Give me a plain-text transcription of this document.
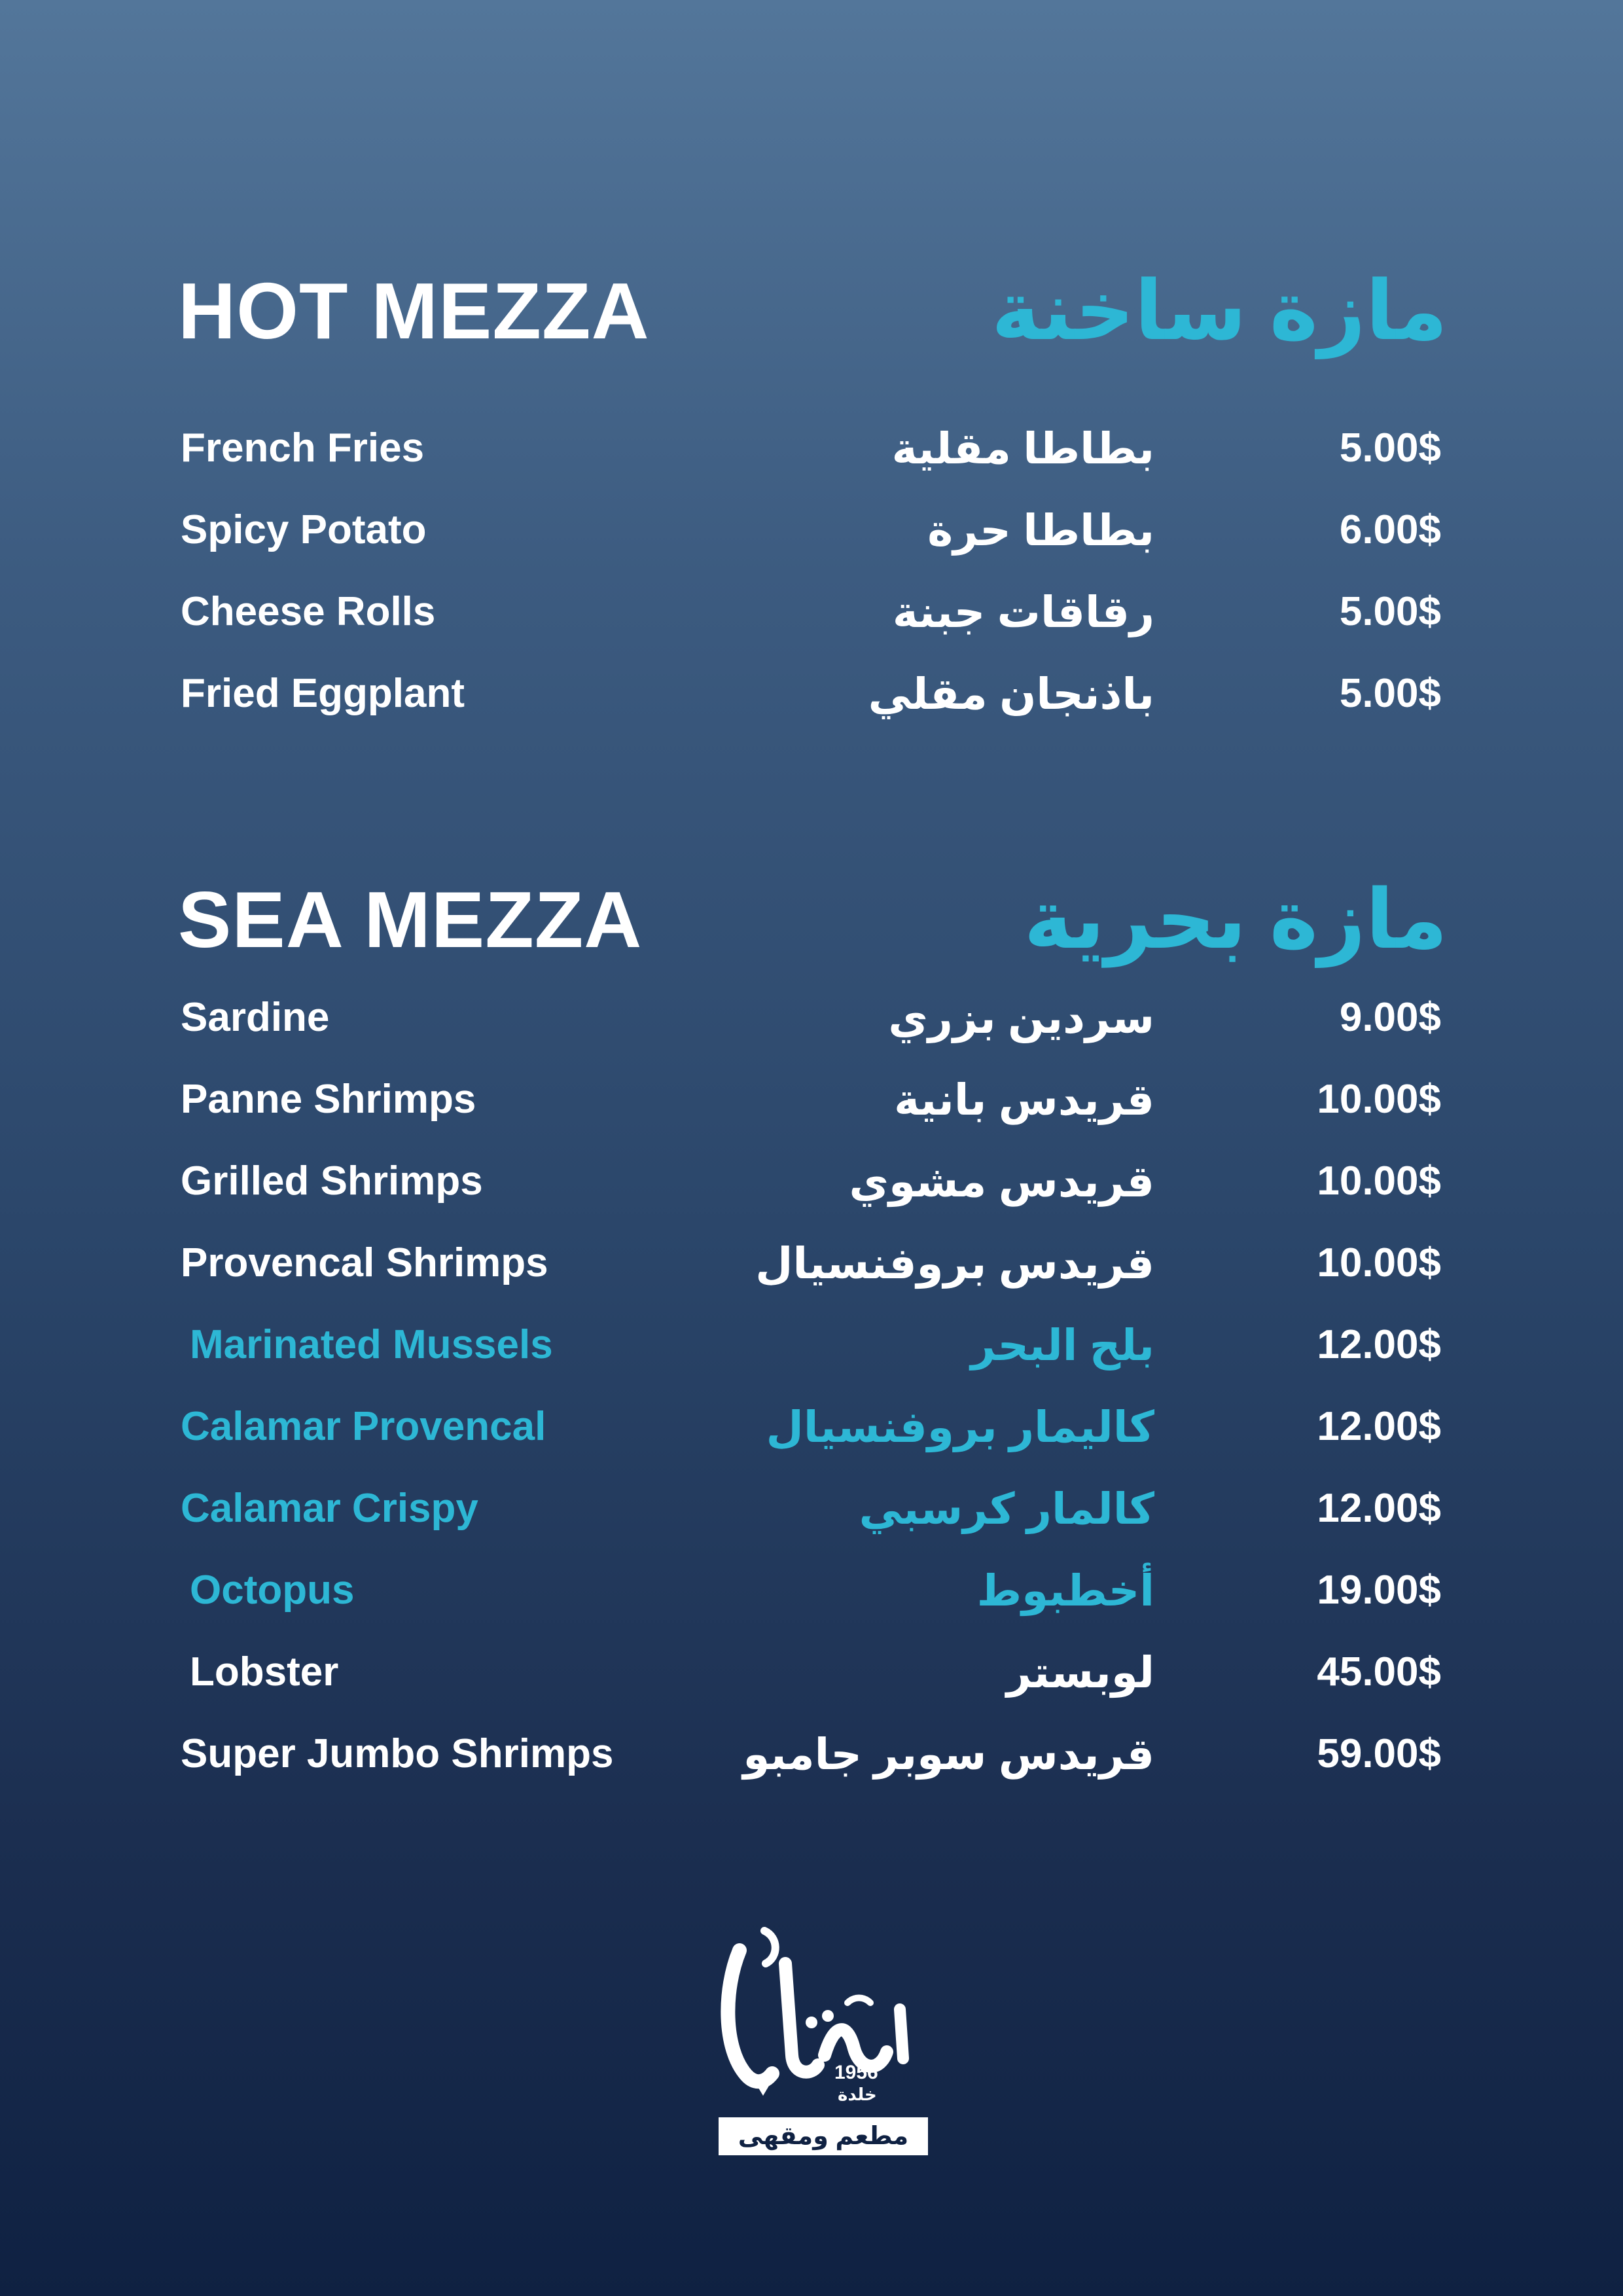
HOT MEZZA	مازة ساخنة
French Fries	بطاطا مقلية	5.00$
Spicy Potato	بطاطا حرة	6.00$
Cheese Rolls	رقاقات جبنة	5.00$
Fried Eggplant	باذنجان مقلي	5.00$
SEA MEZZA	مازة بحرية
Sardine	سردين بزري	9.00$
Panne Shrimps	قريدس بانية	10.00$
Grilled Shrimps	قريدس مشوي	10.00$
Provencal Shrimps	قريدس بروفنسيال	10.00$
Marinated Mussels	بلح البحر	12.00$
Calamar Provencal	كاليمار بروفنسيال	12.00$
Calamar Crispy	كالمار كرسبي	12.00$
Octopus	أخطبوط	19.00$
Lobster	لوبستر	45.00$
Super Jumbo Shrimps	قريدس سوبر جامبو	59.00$
1956
خلدة
مطعم ومقهى
